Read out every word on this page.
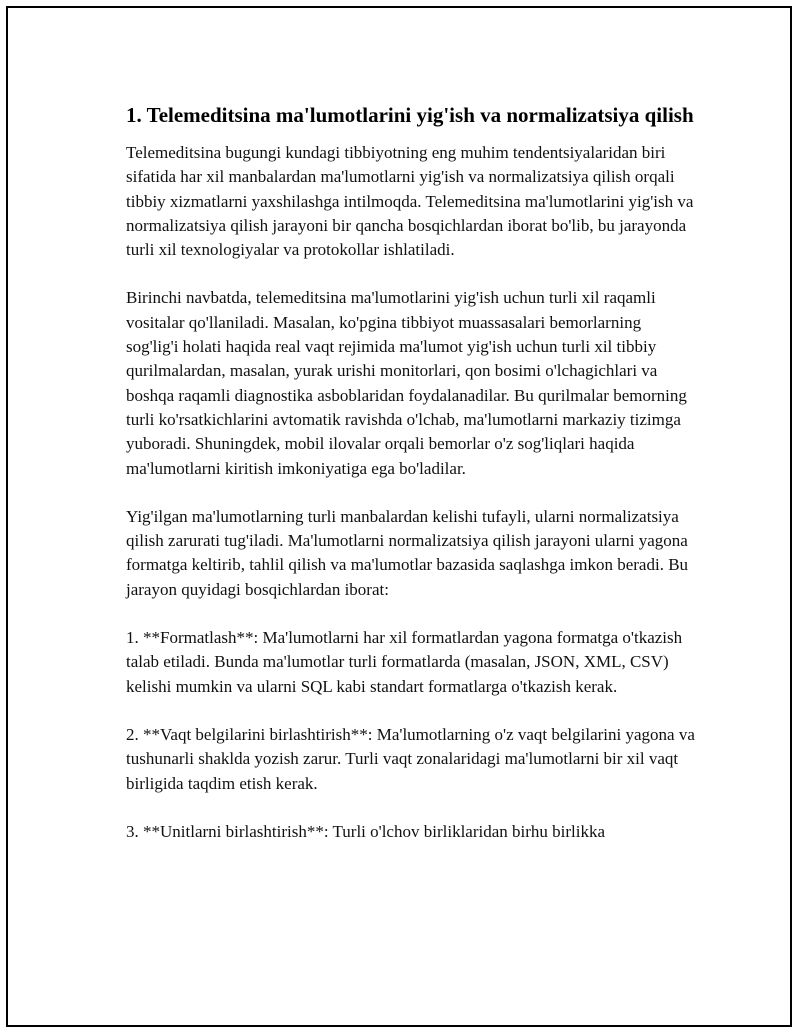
1. Telemeditsina ma'lumotlarini yig'ish va normalizatsiya qilish

Telemeditsina bugungi kundagi tibbiyotning eng muhim tendentsiyalaridan biri sifatida har xil manbalardan ma'lumotlarni yig'ish va normalizatsiya qilish orqali tibbiy xizmatlarni yaxshilashga intilmoqda. Telemeditsina ma'lumotlarini yig'ish va normalizatsiya qilish jarayoni bir qancha bosqichlardan iborat bo'lib, bu jarayonda turli xil texnologiyalar va protokollar ishlatiladi.

Birinchi navbatda, telemeditsina ma'lumotlarini yig'ish uchun turli xil raqamli vositalar qo'llaniladi. Masalan, ko'pgina tibbiyot muassasalari bemorlarning sog'lig'i holati haqida real vaqt rejimida ma'lumot yig'ish uchun turli xil tibbiy qurilmalardan, masalan, yurak urishi monitorlari, qon bosimi o'lchagichlari va boshqa raqamli diagnostika asboblaridan foydalanadilar. Bu qurilmalar bemorning turli ko'rsatkichlarini avtomatik ravishda o'lchab, ma'lumotlarni markaziy tizimga yuboradi. Shuningdek, mobil ilovalar orqali bemorlar o'z sog'liqlari haqida ma'lumotlarni kiritish imkoniyatiga ega bo'ladilar.

Yig'ilgan ma'lumotlarning turli manbalardan kelishi tufayli, ularni normalizatsiya qilish zarurati tug'iladi. Ma'lumotlarni normalizatsiya qilish jarayoni ularni yagona formatga keltirib, tahlil qilish va ma'lumotlar bazasida saqlashga imkon beradi. Bu jarayon quyidagi bosqichlardan iborat:

1. **Formatlash**: Ma'lumotlarni har xil formatlardan yagona formatga o'tkazish talab etiladi. Bunda ma'lumotlar turli formatlarda (masalan, JSON, XML, CSV) kelishi mumkin va ularni SQL kabi standart formatlarga o'tkazish kerak.

2. **Vaqt belgilarini birlashtirish**: Ma'lumotlarning o'z vaqt belgilarini yagona va tushunarli shaklda yozish zarur. Turli vaqt zonalaridagi ma'lumotlarni bir xil vaqt birligida taqdim etish kerak.

3. **Unitlarni birlashtirish**: Turli o'lchov birliklaridan birhu birlikka
